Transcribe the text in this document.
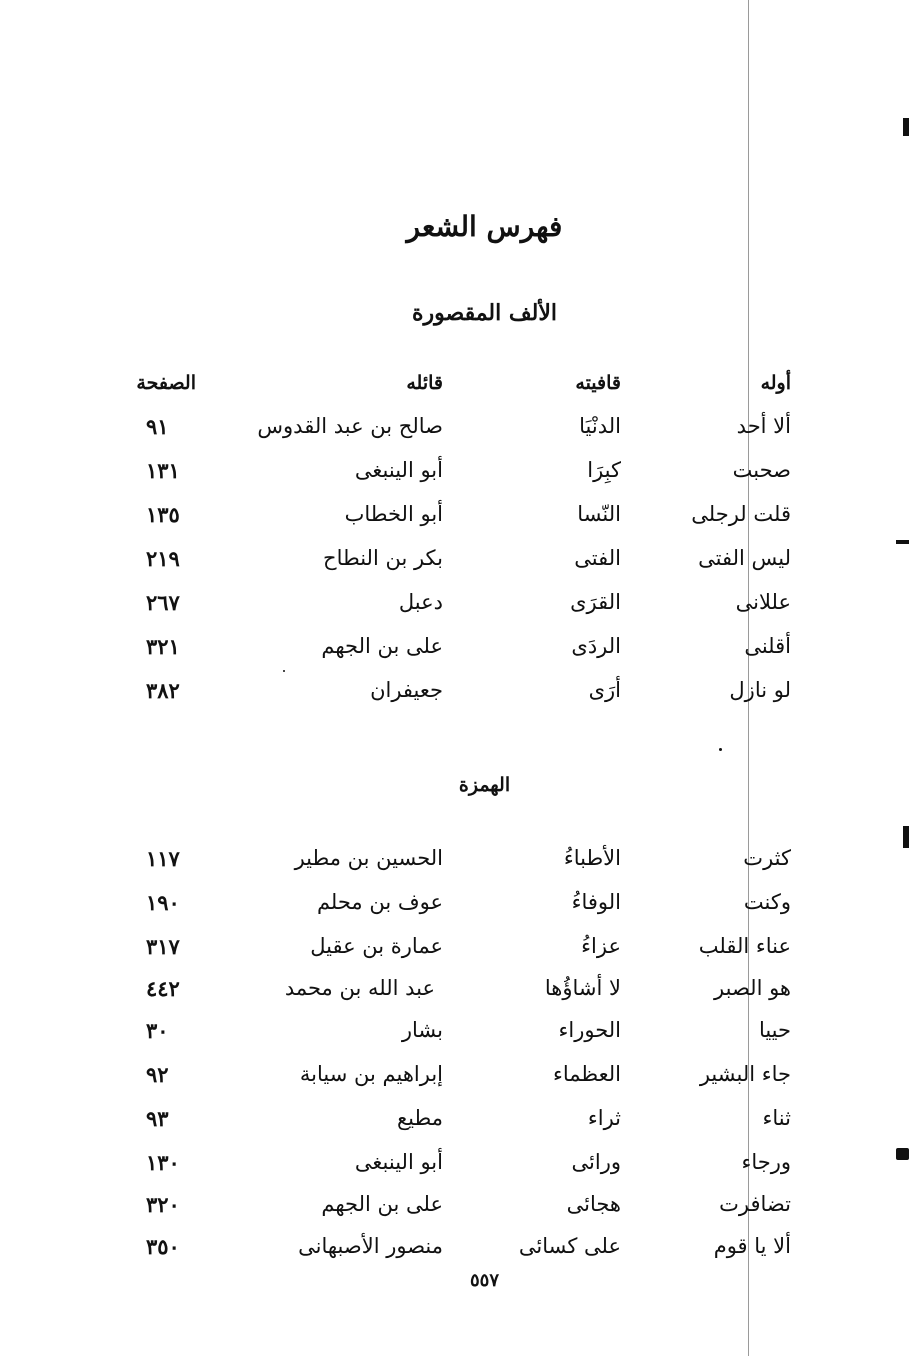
فهرس الشعر
الألف المقصورة
أوله
قافيته
قائله
الصفحة
ألا أحد
الدنْيَا
صالح بن عبد القدوس
٩١
صحبت
كبِرَا
أبو الينبغى
١٣١
قلت لرجلى
النّسا
أبو الخطاب
١٣٥
ليس الفتى
الفتى
بكر بن النطاح
٢١٩
عللانى
القرَى
دعبل
٢٦٧
أقلنى
الردَى
على بن الجهم
٣٢١
لو نازل
أرَى
جعيفران
٣٨٢
الهمزة
كثرت
الأطباءُ
الحسين بن مطير
١١٧
وكنت
الوفاءُ
عوف بن محلم
١٩٠
عناء القلب
عزاءُ
عمارة بن عقيل
٣١٧
هو الصبر
لا أشاؤُها
عبد الله بن محمد
٤٤٢
حييا
الحوراء
بشار
٣٠
جاء البشير
العظماء
إبراهيم بن سيابة
٩٢
ثناء
ثراء
مطيع
٩٣
ورجاء
ورائى
أبو الينبغى
١٣٠
تضافرت
هجائى
على بن الجهم
٣٢٠
ألا يا قوم
على كسائى
منصور الأصبهانى
٣٥٠
٥٥٧
